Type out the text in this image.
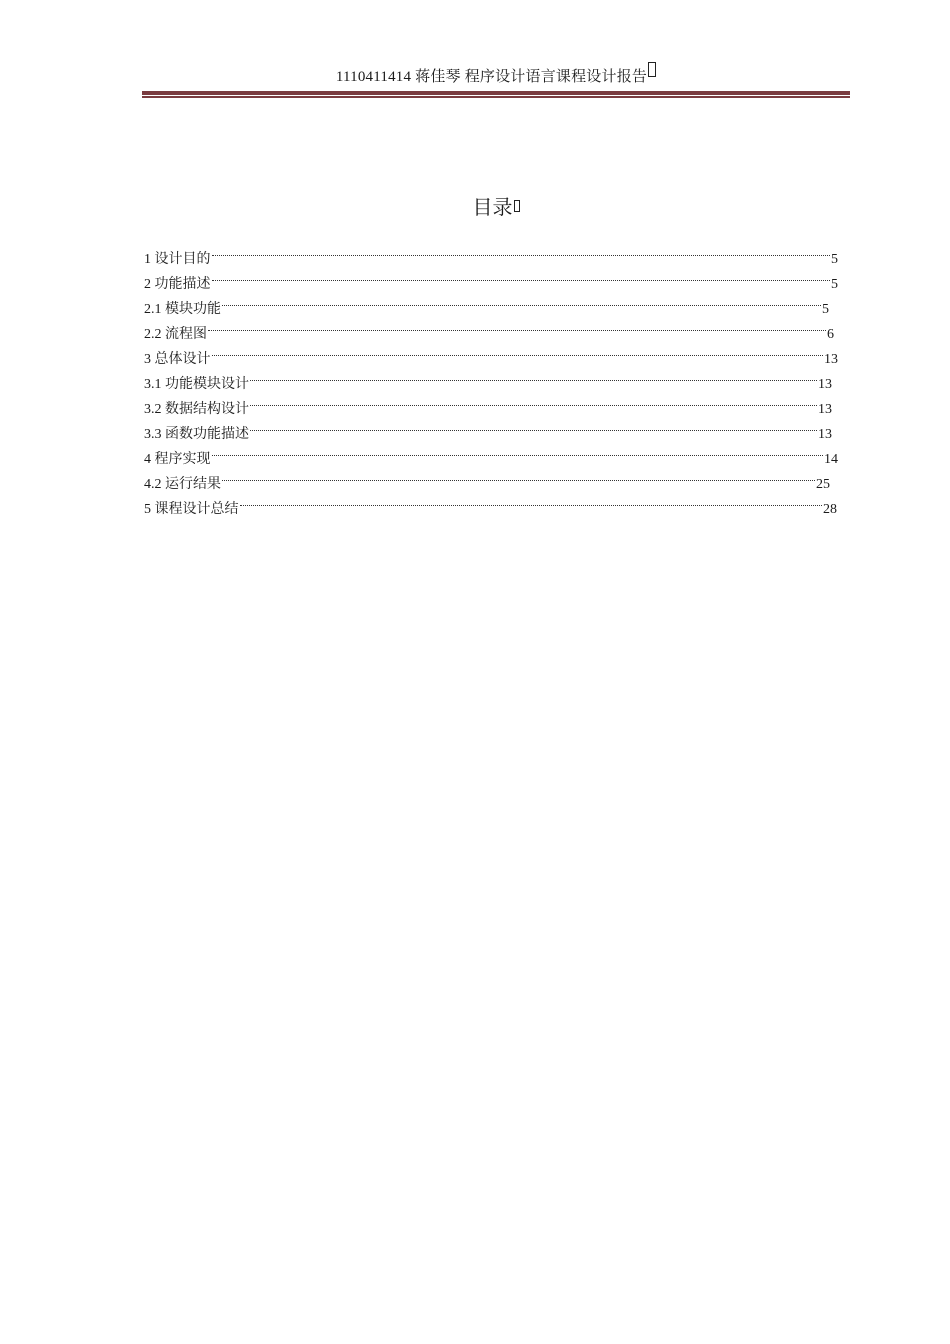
1110411414 蒋佳琴 程序设计语言课程设计报告
目录
1 设计目的	5
2 功能描述	5
2.1 模块功能	5
2.2 流程图	6
3 总体设计	13
3.1 功能模块设计	13
3.2 数据结构设计	13
3.3 函数功能描述	13
4 程序实现	14
4.2 运行结果	25
5 课程设计总结	28
